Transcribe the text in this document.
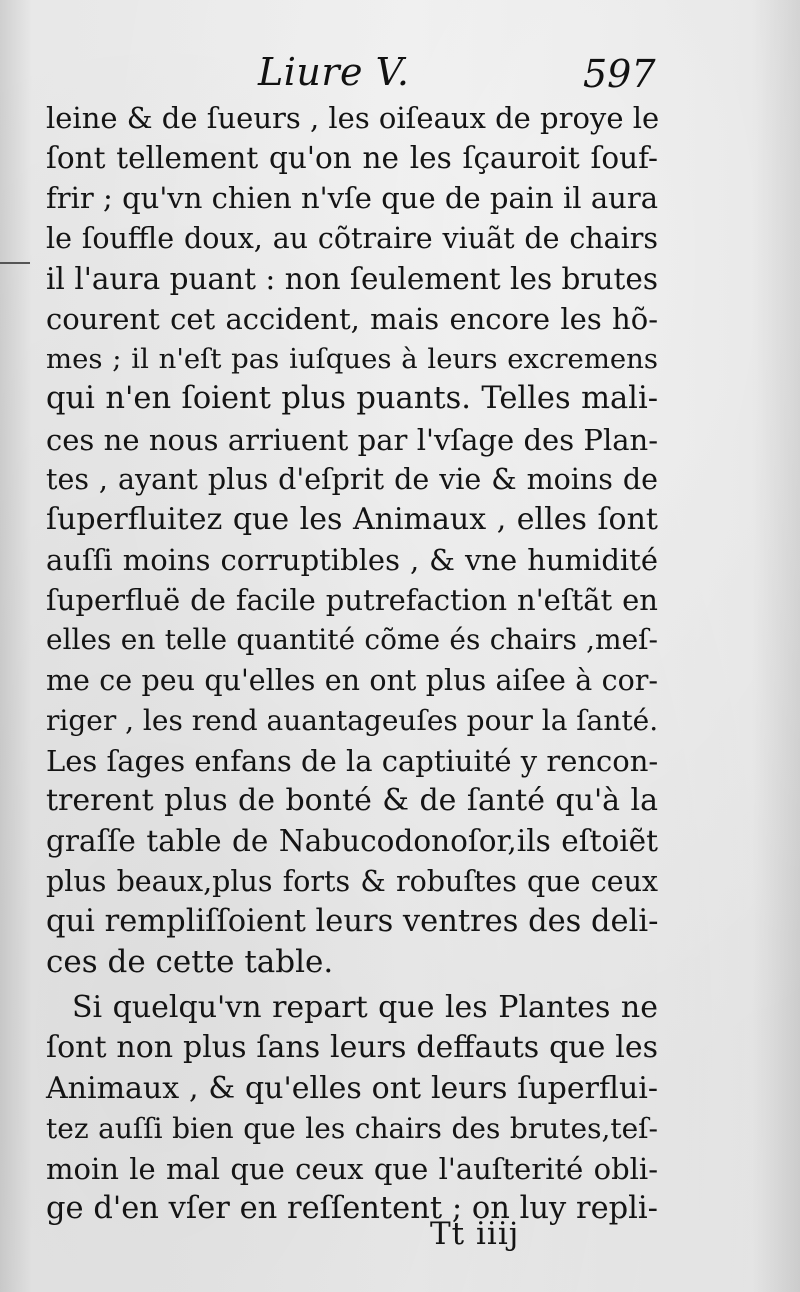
Liure V.	597
leine & de ſueurs , les oiſeaux de proye le
ſont tellement qu'on ne les ſçauroit ſouf-
frir ; qu'vn chien n'vſe que de pain il aura
le ſouffle doux, au cõtraire viuãt de chairs
il l'aura puant : non ſeulement les brutes
courent cet accident, mais encore les hõ-
mes ; il n'eſt pas iuſques à leurs excremens
qui n'en ſoient plus puants. Telles mali-
ces ne nous arriuent par l'vſage des Plan-
tes , ayant plus d'eſprit de vie & moins de
ſuperfluitez que les Animaux , elles ſont
auſſi moins corruptibles , & vne humidité
ſuperfluë de facile putrefaction n'eſtãt en
elles en telle quantité cõme és chairs ,meſ-
me ce peu qu'elles en ont plus aiſee à cor-
riger , les rend auantageuſes pour la ſanté.
Les ſages enfans de la captiuité y rencon-
trerent plus de bonté & de ſanté qu'à la
graſſe table de Nabucodonoſor,ils eſtoiẽt
plus beaux,plus forts & robuſtes que ceux
qui rempliſſoient leurs ventres des deli-
ces de cette table.
Si quelqu'vn repart que les Plantes ne
ſont non plus ſans leurs deffauts que les
Animaux , & qu'elles ont leurs ſuperflui-
tez auſſi bien que les chairs des brutes,teſ-
moin le mal que ceux que l'auſterité obli-
ge d'en vſer en reſſentent ; on luy repli-
Tt iiij
